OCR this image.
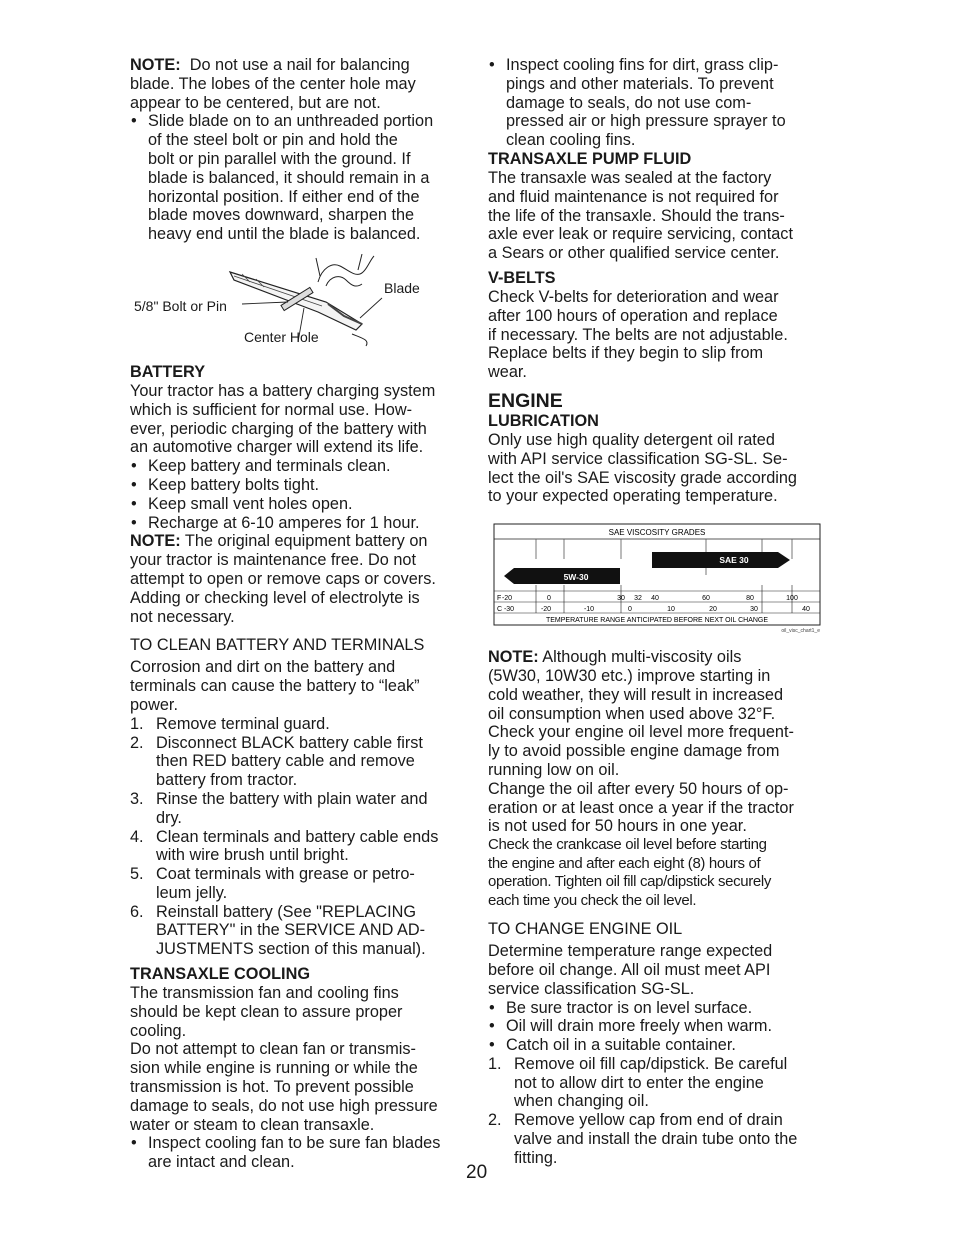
NOTE: Do not use a nail for balancing
blade. The lobes of the center hole may
appear to be centered, but are not.

• Slide blade on to an unthreaded portion
of the steel bolt or pin and hold the
bolt or pin parallel with the ground. If
blade is balanced, it should remain in a
horizontal position. If either end of the
blade moves downward, sharpen the
heavy end until the blade is balanced.
Blade
5/8" Bolt or Pin
Center Hole

BATTERY

Your tractor has a battery charging system
which is sufficient for normal use. How-
ever, periodic charging of the battery with
an automotive charger will extend its life.

• Keep battery and terminals clean.
• Keep battery bolts tight.
• Keep small vent holes open.
• Recharge at 6-10 amperes for 1 hour.

NOTE: The original equipment battery on
your tractor is maintenance free. Do not
attempt to open or remove caps or covers.
Adding or checking level of electrolyte is
not necessary.

TO CLEAN BATTERY AND TERMINALS

Corrosion and dirt on the battery and
terminals can cause the battery to “leak”
power.

1. Remove terminal guard.
2. Disconnect BLACK battery cable first
then RED battery cable and remove
battery from tractor.
3. Rinse the battery with plain water and
dry.
4. Clean terminals and battery cable ends
with wire brush until bright.
5. Coat terminals with grease or petro-
leum jelly.
6. Reinstall battery (See "REPLACING
BATTERY" in the SERVICE AND AD-
JUSTMENTS section of this manual).

TRANSAXLE COOLING

The transmission fan and cooling fins
should be kept clean to assure proper
cooling.
Do not attempt to clean fan or transmis-
sion while engine is running or while the
transmission is hot. To prevent possible
damage to seals, do not use high pressure
water or steam to clean transaxle.

• Inspect cooling fan to be sure fan blades
are intact and clean.
• Inspect cooling fins for dirt, grass clip-
pings and other materials. To prevent
damage to seals, do not use com-
pressed air or high pressure sprayer to
clean cooling fins.

TRANSAXLE PUMP FLUID

The transaxle was sealed at the factory
and fluid maintenance is not required for
the life of the transaxle. Should the trans-
axle ever leak or require servicing, contact
a Sears or other qualified service center.

V-BELTS

Check V-belts for deterioration and wear
after 100 hours of operation and replace
if necessary. The belts are not adjustable.
Replace belts if they begin to slip from
wear.

ENGINE

LUBRICATION

Only use high quality detergent oil rated
with API service classification SG-SL. Se-
lect the oil's SAE viscosity grade according
to your expected operating temperature.

SAE VISCOSITY GRADES
SAE 30
5W-30
F
C
-20	0	30 32 40	60	80	100
-30	-20	-10	0	10	20	30	40
TEMPERATURE RANGE ANTICIPATED BEFORE NEXT OIL CHANGE
oil_visc_chart1_e

NOTE: Although multi-viscosity oils
(5W30, 10W30 etc.) improve starting in
cold weather, they will result in increased
oil consumption when used above 32°F.
Check your engine oil level more frequent-
ly to avoid possible engine damage from
running low on oil.
Change the oil after every 50 hours of op-
eration or at least once a year if the tractor
is not used for 50 hours in one year.

Check the crankcase oil level before starting
the engine and after each eight (8) hours of
operation. Tighten oil fill cap/dipstick securely
each time you check the oil level.

TO CHANGE ENGINE OIL

Determine temperature range expected
before oil change. All oil must meet API
service classification SG-SL.

• Be sure tractor is on level surface.
• Oil will drain more freely when warm.
• Catch oil in a suitable container.
1. Remove oil fill cap/dipstick. Be careful
not to allow dirt to enter the engine
when changing oil.
2. Remove yellow cap from end of drain
valve and install the drain tube onto the
fitting.
20
